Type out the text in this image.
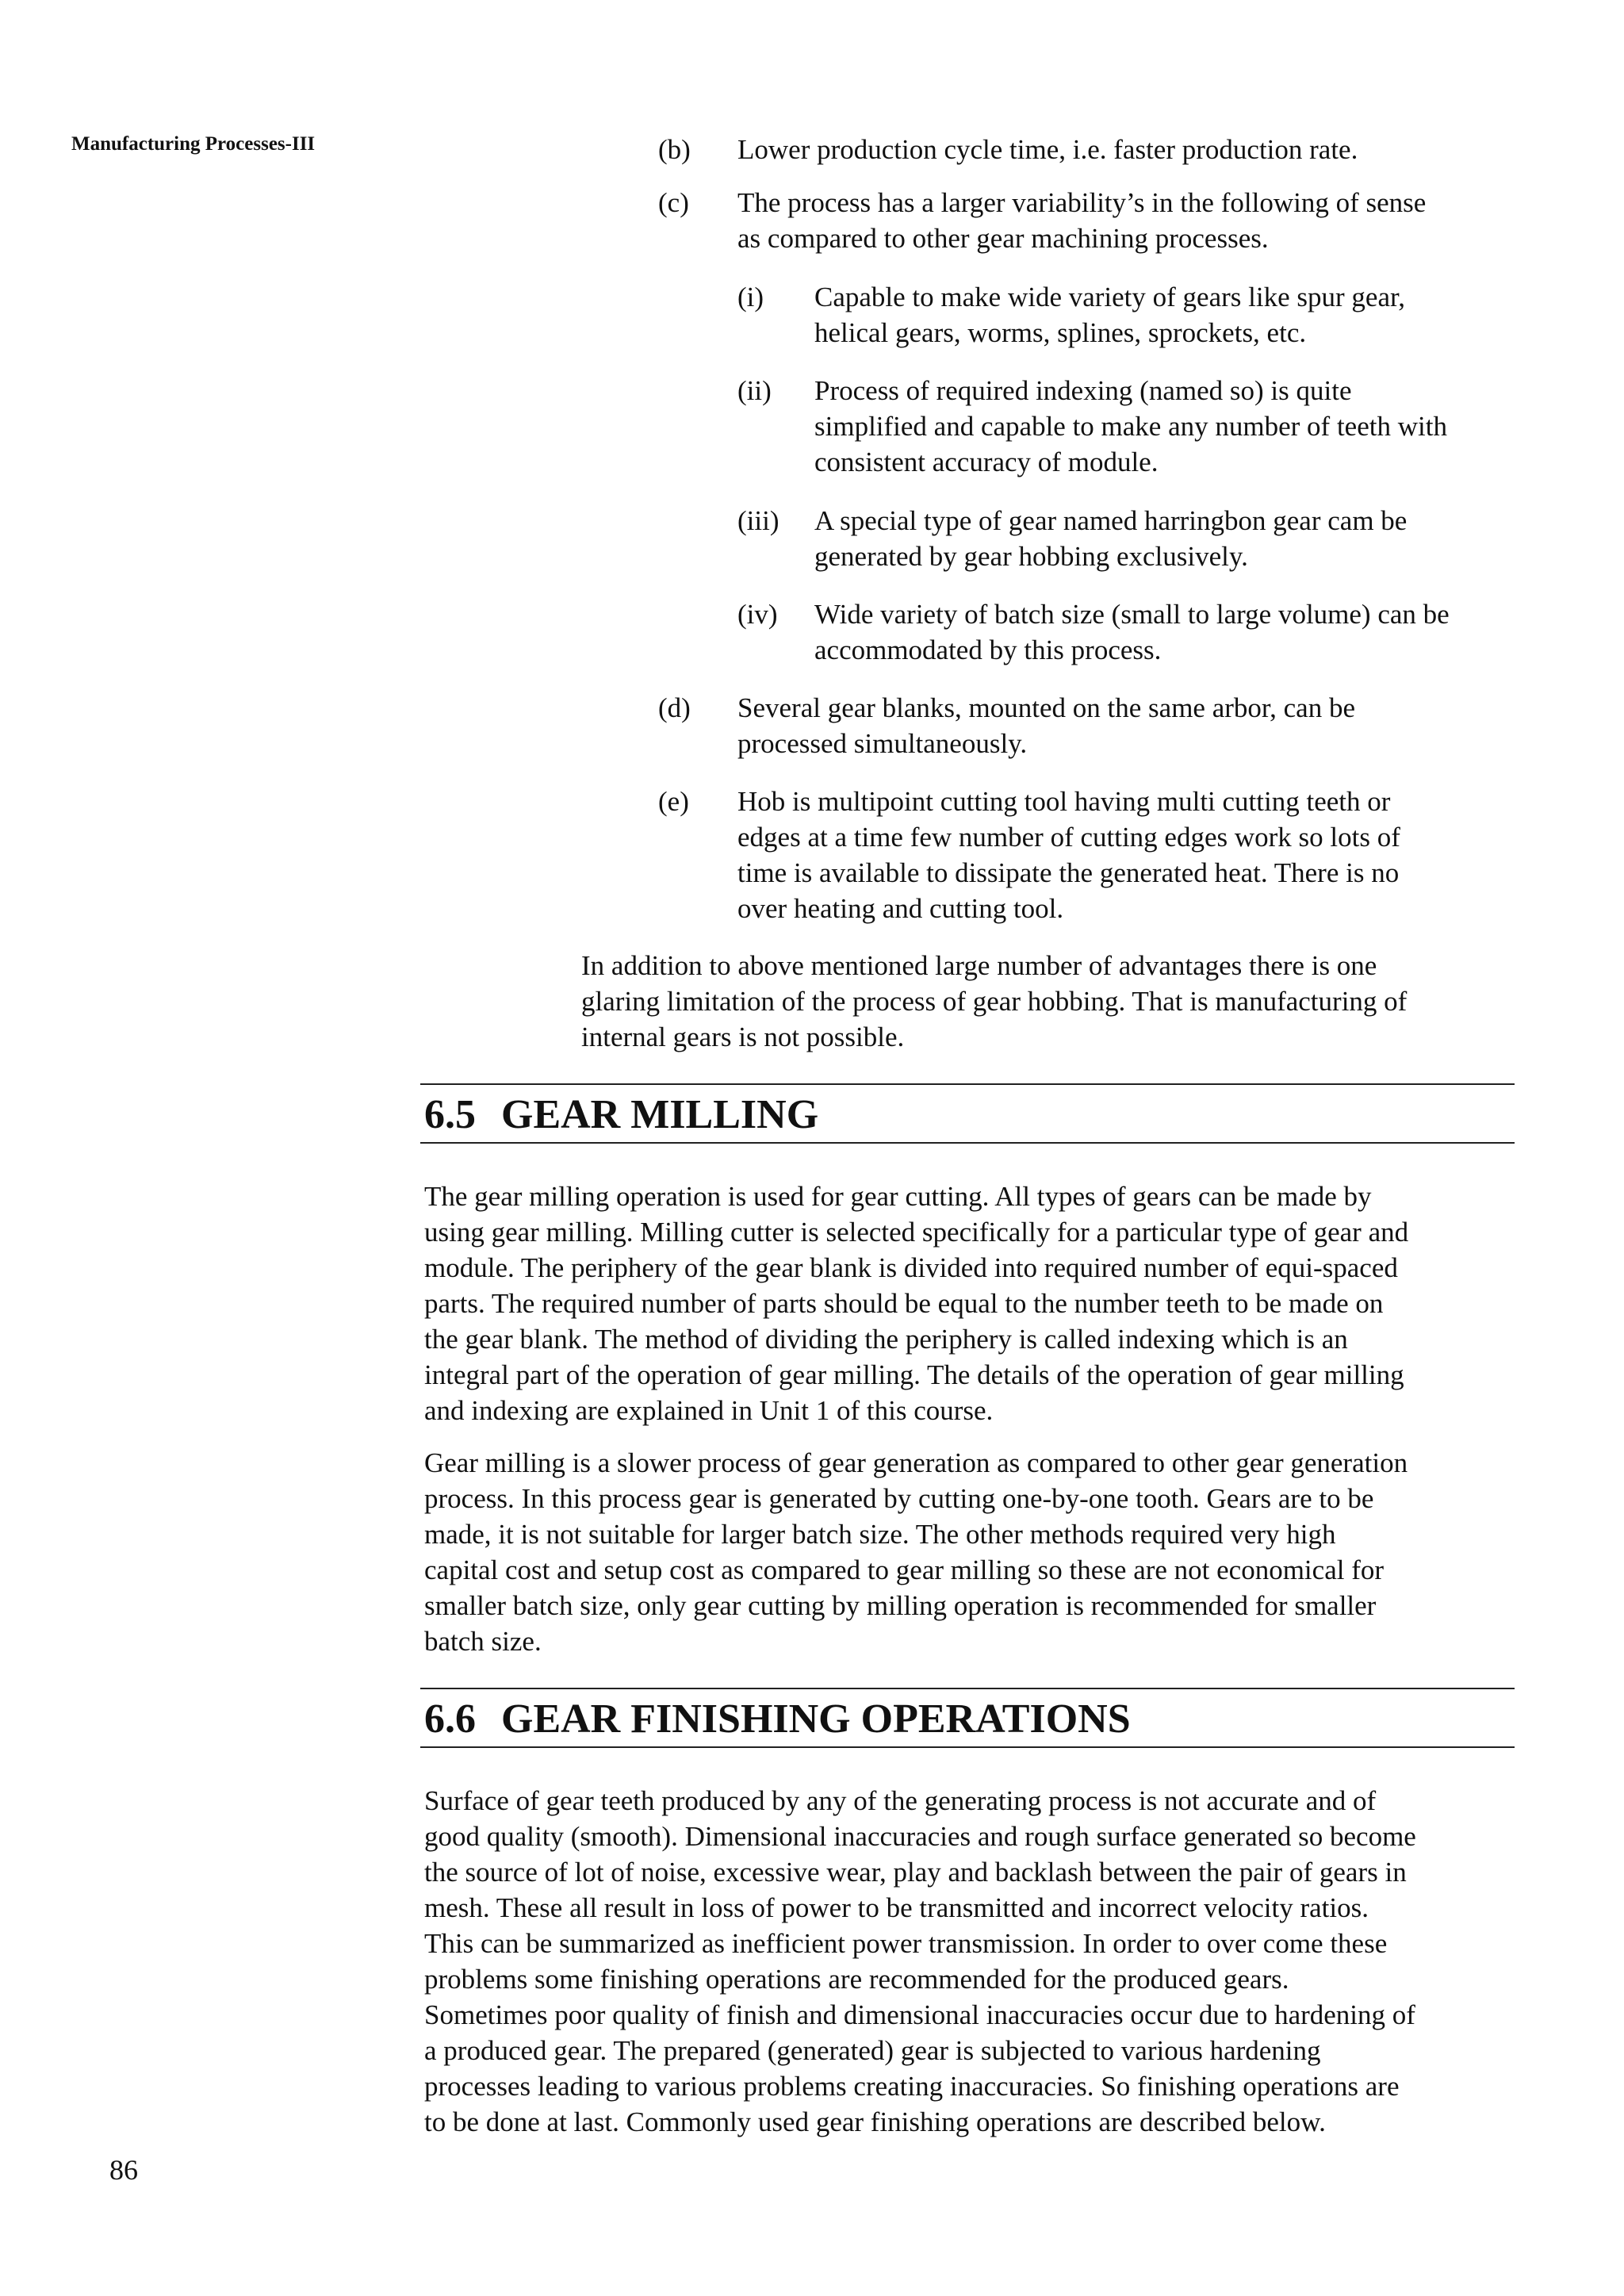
Manufacturing Processes-III	(b) Lower production cycle time, i.e. faster production rate.
(c) The process has a larger variability’s in the following of sense
as compared to other gear machining processes.
(i) Capable to make wide variety of gears like spur gear,
helical gears, worms, splines, sprockets, etc.
(ii) Process of required indexing (named so) is quite
simplified and capable to make any number of teeth with
consistent accuracy of module.
(iii) A special type of gear named harringbon gear cam be
generated by gear hobbing exclusively.
(iv) Wide variety of batch size (small to large volume) can be
accommodated by this process.
(d) Several gear blanks, mounted on the same arbor, can be
processed simultaneously.
(e) Hob is multipoint cutting tool having multi cutting teeth or
edges at a time few number of cutting edges work so lots of
time is available to dissipate the generated heat. There is no
over heating and cutting tool.
In addition to above mentioned large number of advantages there is one
glaring limitation of the process of gear hobbing. That is manufacturing of
internal gears is not possible.
6.5 GEAR MILLING
The gear milling operation is used for gear cutting. All types of gears can be made by
using gear milling. Milling cutter is selected specifically for a particular type of gear and
module. The periphery of the gear blank is divided into required number of equi-spaced
parts. The required number of parts should be equal to the number teeth to be made on
the gear blank. The method of dividing the periphery is called indexing which is an
integral part of the operation of gear milling. The details of the operation of gear milling
and indexing are explained in Unit 1 of this course.
Gear milling is a slower process of gear generation as compared to other gear generation
process. In this process gear is generated by cutting one-by-one tooth. Gears are to be
made, it is not suitable for larger batch size. The other methods required very high
capital cost and setup cost as compared to gear milling so these are not economical for
smaller batch size, only gear cutting by milling operation is recommended for smaller
batch size.
6.6 GEAR FINISHING OPERATIONS
Surface of gear teeth produced by any of the generating process is not accurate and of
good quality (smooth). Dimensional inaccuracies and rough surface generated so become
the source of lot of noise, excessive wear, play and backlash between the pair of gears in
mesh. These all result in loss of power to be transmitted and incorrect velocity ratios.
This can be summarized as inefficient power transmission. In order to over come these
problems some finishing operations are recommended for the produced gears.
Sometimes poor quality of finish and dimensional inaccuracies occur due to hardening of
a produced gear. The prepared (generated) gear is subjected to various hardening
processes leading to various problems creating inaccuracies. So finishing operations are
to be done at last. Commonly used gear finishing operations are described below.
86
